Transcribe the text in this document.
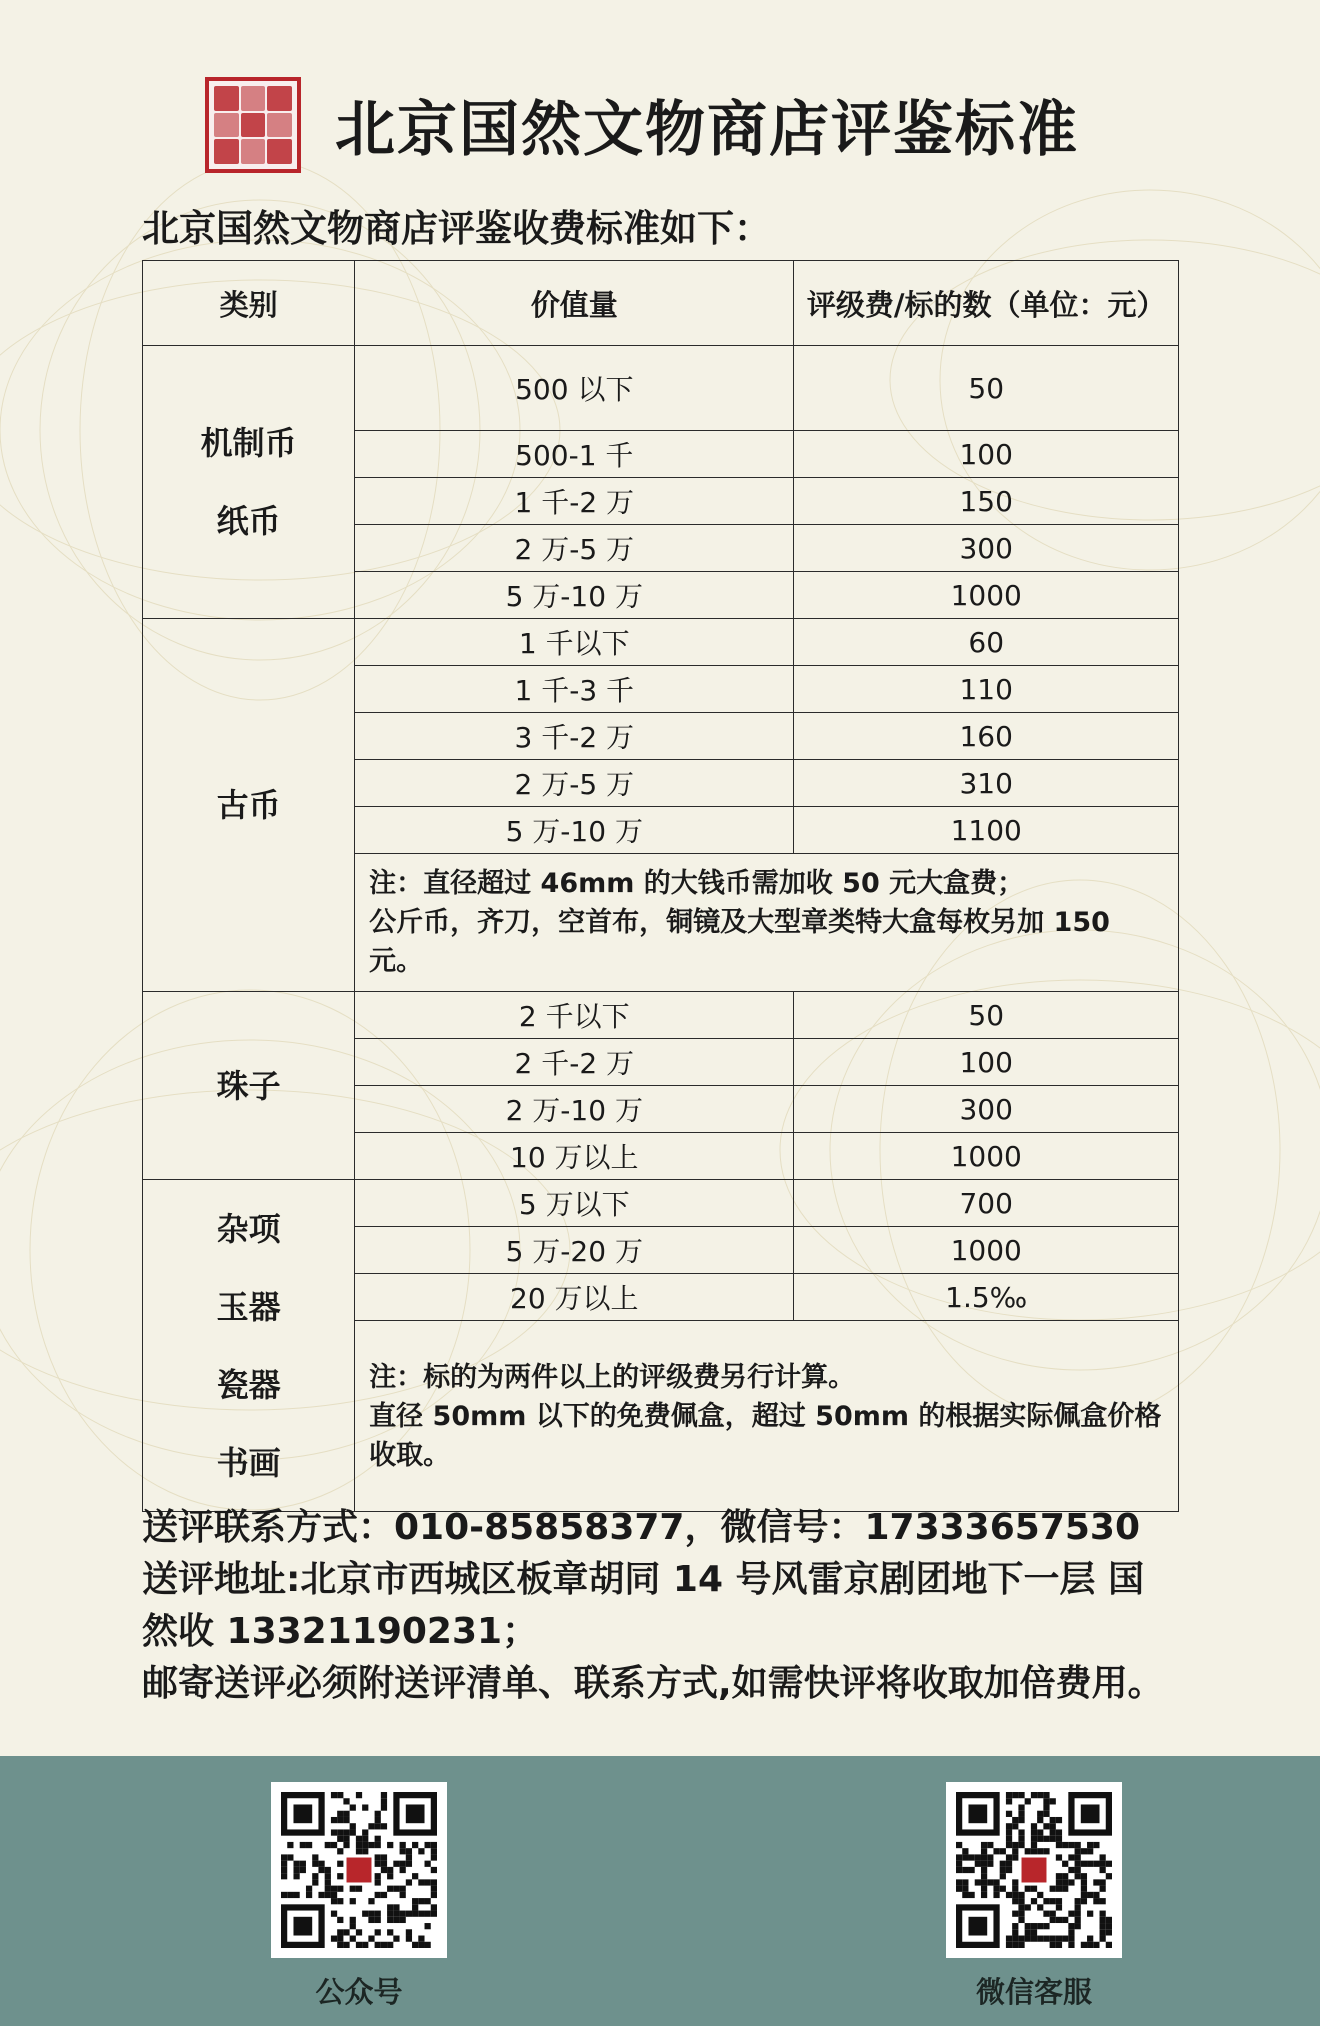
北京国然文物商店评鉴标准
北京国然文物商店评鉴收费标准如下：
类别	价值量	评级费/标的数（单位：元）

机制币
纸币	500 以下	50
	500-1 千	100
	1 千-2 万	150
	2 万-5 万	300
	5 万-10 万	1000

古币	1 千以下	60
	1 千-3 千	110
	3 千-2 万	160
	2 万-5 万	310
	5 万-10 万	1100

	注：直径超过 46mm 的大钱币需加收 50 元大盒费；
公斤币，齐刀，空首布，铜镜及大型章类特大盒每枚另加 150
元。	

珠子	2 千以下	50
	2 千-2 万	100
	2 万-10 万	300
	10 万以上	1000

杂项
玉器
瓷器
书画	5 万以下	700
	5 万-20 万	1000
	20 万以上	1.5‰

	注：标的为两件以上的评级费另行计算。
直径 50mm 以下的免费佩盒，超过 50mm 的根据实际佩盒价格
收取。	
送评联系方式：010-85858377，微信号：17333657530
送评地址:北京市西城区板章胡同 14 号风雷京剧团地下一层 国
然收 13321190231；
邮寄送评必须附送评清单、联系方式,如需快评将收取加倍费用。
公众号	微信客服
